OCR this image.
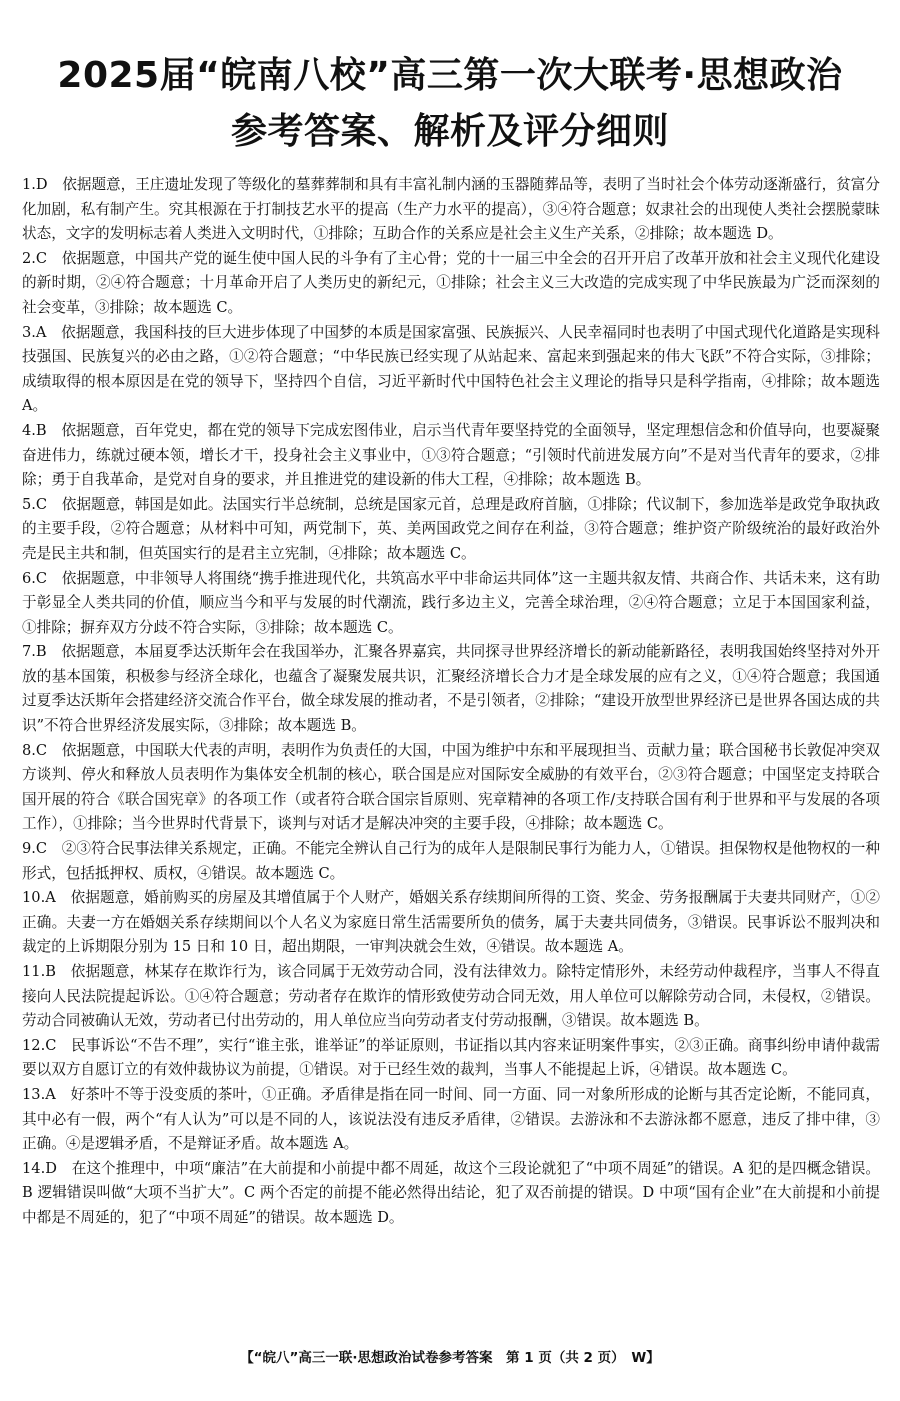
2025届“皖南八校”高三第一次大联考·思想政治
参考答案、解析及评分细则

1.D　 依据题意，王庄遗址发现了等级化的墓葬葬制和具有丰富礼制内涵的玉器随葬品等，表明了当时社会个体劳动逐渐盛行，贫富分化加剧，私有制产生。究其根源在于打制技艺水平的提高（生产力水平的提高），③④符合题意；奴隶社会的出现使人类社会摆脱蒙昧状态，文字的发明标志着人类进入文明时代，①排除；互助合作的关系应是社会主义生产关系，②排除；故本题选 D。

2.C　 依据题意，中国共产党的诞生使中国人民的斗争有了主心骨；党的十一届三中全会的召开开启了改革开放和社会主义现代化建设的新时期，②④符合题意；十月革命开启了人类历史的新纪元，①排除；社会主义三大改造的完成实现了中华民族最为广泛而深刻的社会变革，③排除；故本题选 C。

3.A　 依据题意，我国科技的巨大进步体现了中国梦的本质是国家富强、民族振兴、人民幸福同时也表明了中国式现代化道路是实现科技强国、民族复兴的必由之路，①②符合题意；“中华民族已经实现了从站起来、富起来到强起来的伟大飞跃”不符合实际，③排除；成绩取得的根本原因是在党的领导下，坚持四个自信，习近平新时代中国特色社会主义理论的指导只是科学指南，④排除；故本题选 A。

4.B　 依据题意，百年党史，都在党的领导下完成宏图伟业，启示当代青年要坚持党的全面领导，坚定理想信念和价值导向，也要凝聚奋进伟力，练就过硬本领，增长才干，投身社会主义事业中，①③符合题意；“引领时代前进发展方向”不是对当代青年的要求，②排除；勇于自我革命，是党对自身的要求，并且推进党的建设新的伟大工程，④排除；故本题选 B。

5.C　 依据题意，韩国是如此。法国实行半总统制，总统是国家元首，总理是政府首脑，①排除；代议制下，参加选举是政党争取执政的主要手段，②符合题意；从材料中可知，两党制下，英、美两国政党之间存在利益，③符合题意；维护资产阶级统治的最好政治外壳是民主共和制，但英国实行的是君主立宪制，④排除；故本题选 C。

6.C　 依据题意，中非领导人将围绕“携手推进现代化，共筑高水平中非命运共同体”这一主题共叙友情、共商合作、共话未来，这有助于彰显全人类共同的价值，顺应当今和平与发展的时代潮流，践行多边主义，完善全球治理，②④符合题意；立足于本国国家利益，①排除；摒弃双方分歧不符合实际，③排除；故本题选 C。

7.B　 依据题意，本届夏季达沃斯年会在我国举办，汇聚各界嘉宾，共同探寻世界经济增长的新动能新路径，表明我国始终坚持对外开放的基本国策，积极参与经济全球化，也蕴含了凝聚发展共识，汇聚经济增长合力才是全球发展的应有之义，①④符合题意；我国通过夏季达沃斯年会搭建经济交流合作平台，做全球发展的推动者，不是引领者，②排除；“建设开放型世界经济已是世界各国达成的共识”不符合世界经济发展实际，③排除；故本题选 B。

8.C　 依据题意，中国联大代表的声明，表明作为负责任的大国，中国为维护中东和平展现担当、贡献力量；联合国秘书长敦促冲突双方谈判、停火和释放人员表明作为集体安全机制的核心，联合国是应对国际安全威胁的有效平台，②③符合题意；中国坚定支持联合国开展的符合《联合国宪章》的各项工作（或者符合联合国宗旨原则、宪章精神的各项工作/支持联合国有利于世界和平与发展的各项工作），①排除；当今世界时代背景下，谈判与对话才是解决冲突的主要手段，④排除；故本题选 C。

9.C　 ②③符合民事法律关系规定，正确。不能完全辨认自己行为的成年人是限制民事行为能力人，①错误。担保物权是他物权的一种形式，包括抵押权、质权，④错误。故本题选 C。

10.A　 依据题意，婚前购买的房屋及其增值属于个人财产，婚姻关系存续期间所得的工资、奖金、劳务报酬属于夫妻共同财产，①②正确。夫妻一方在婚姻关系存续期间以个人名义为家庭日常生活需要所负的债务，属于夫妻共同债务，③错误。民事诉讼不服判决和裁定的上诉期限分别为 15 日和 10 日，超出期限，一审判决就会生效，④错误。故本题选 A。

11.B　 依据题意，林某存在欺诈行为，该合同属于无效劳动合同，没有法律效力。除特定情形外，未经劳动仲裁程序，当事人不得直接向人民法院提起诉讼。①④符合题意；劳动者存在欺诈的情形致使劳动合同无效，用人单位可以解除劳动合同，未侵权，②错误。劳动合同被确认无效，劳动者已付出劳动的，用人单位应当向劳动者支付劳动报酬，③错误。故本题选 B。

12.C　 民事诉讼“不告不理”，实行“谁主张，谁举证”的举证原则，书证指以其内容来证明案件事实，②③正确。商事纠纷申请仲裁需要以双方自愿订立的有效仲裁协议为前提，①错误。对于已经生效的裁判，当事人不能提起上诉，④错误。故本题选 C。

13.A　 好茶叶不等于没变质的茶叶，①正确。矛盾律是指在同一时间、同一方面、同一对象所形成的论断与其否定论断，不能同真，其中必有一假，两个“有人认为”可以是不同的人，该说法没有违反矛盾律，②错误。去游泳和不去游泳都不愿意，违反了排中律，③正确。④是逻辑矛盾，不是辩证矛盾。故本题选 A。

14.D　 在这个推理中，中项“廉洁”在大前提和小前提中都不周延，故这个三段论就犯了“中项不周延”的错误。A 犯的是四概念错误。B 逻辑错误叫做“大项不当扩大”。C 两个否定的前提不能必然得出结论，犯了双否前提的错误。D 中项“国有企业”在大前提和小前提中都是不周延的，犯了“中项不周延”的错误。故本题选 D。

【“皖八”高三一联·思想政治试卷参考答案　第 1 页（共 2 页）　W】
